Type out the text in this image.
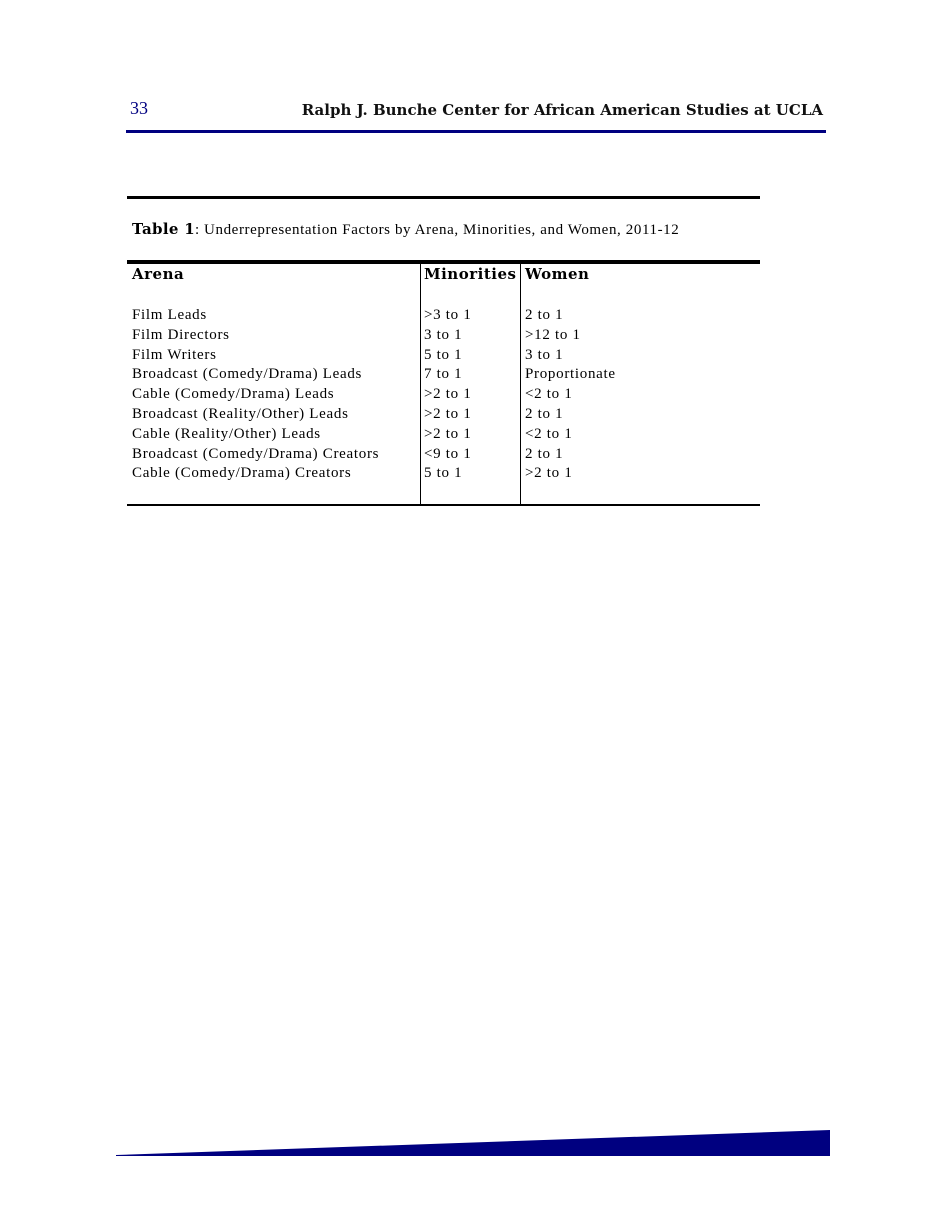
33	Ralph J. Bunche Center for African American Studies at UCLA
Table 1: Underrepresentation Factors by Arena, Minorities, and Women, 2011-12
Arena	Minorities	Women

Film Leads	>3 to 1	2 to 1
Film Directors	3 to 1	>12 to 1
Film Writers	5 to 1	3 to 1
Broadcast (Comedy/Drama) Leads	7 to 1	Proportionate
Cable (Comedy/Drama) Leads	>2 to 1	<2 to 1
Broadcast (Reality/Other) Leads	>2 to 1	2 to 1
Cable (Reality/Other) Leads	>2 to 1	<2 to 1
Broadcast (Comedy/Drama) Creators	<9 to 1	2 to 1
Cable (Comedy/Drama) Creators	5 to 1	>2 to 1
